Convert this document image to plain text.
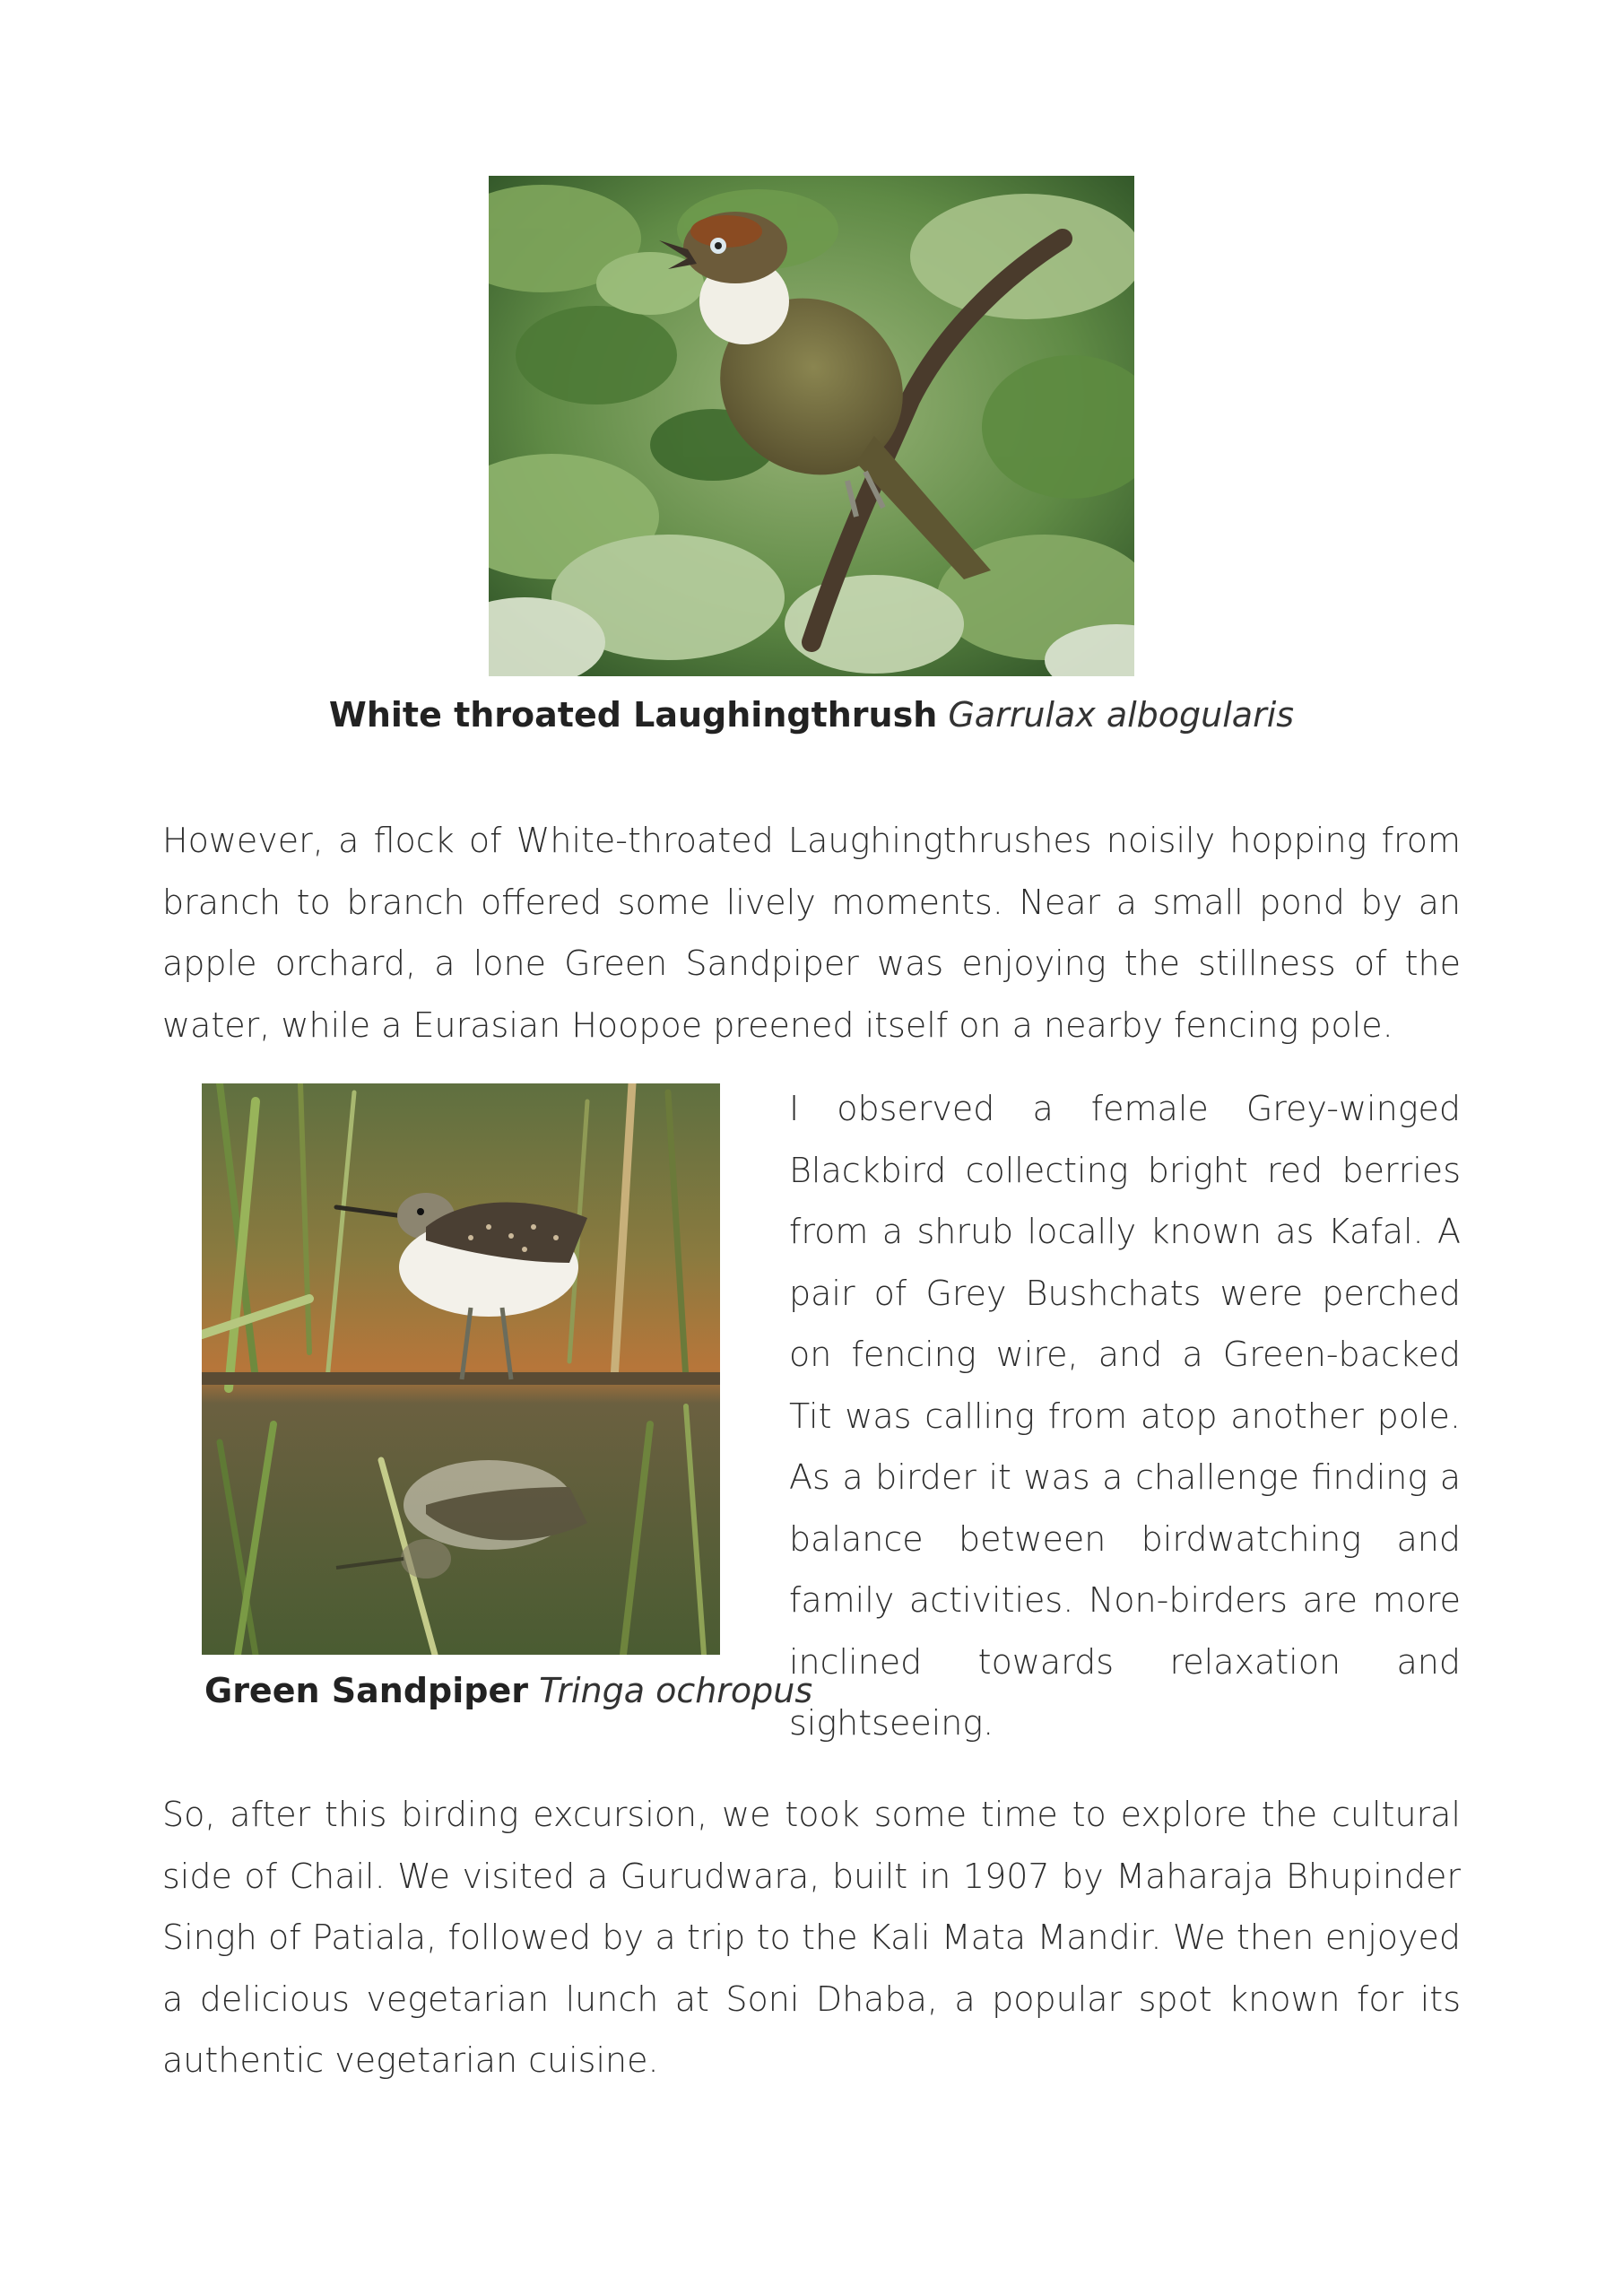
White throated Laughingthrush Garrulax albogularis

However, a flock of White-throated Laughingthrushes noisily hopping from branch to branch offered some lively moments. Near a small pond by an apple orchard, a lone Green Sandpiper was enjoying the stillness of the water, while a Eurasian Hoopoe preened itself on a nearby fencing pole.

Green Sandpiper Tringa ochropus

I observed a female Grey-winged Blackbird collecting bright red berries from a shrub locally known as Kafal. A pair of Grey Bushchats were perched on fencing wire, and a Green-backed Tit was calling from atop another pole. As a birder it was a challenge finding a balance between birdwatching and family activities. Non-birders are more inclined towards relaxation and sightseeing.

So, after this birding excursion, we took some time to explore the cultural side of Chail. We visited a Gurudwara, built in 1907 by Maharaja Bhupinder Singh of Patiala, followed by a trip to the Kali Mata Mandir. We then enjoyed a delicious vegetarian lunch at Soni Dhaba, a popular spot known for its authentic vegetarian cuisine.
